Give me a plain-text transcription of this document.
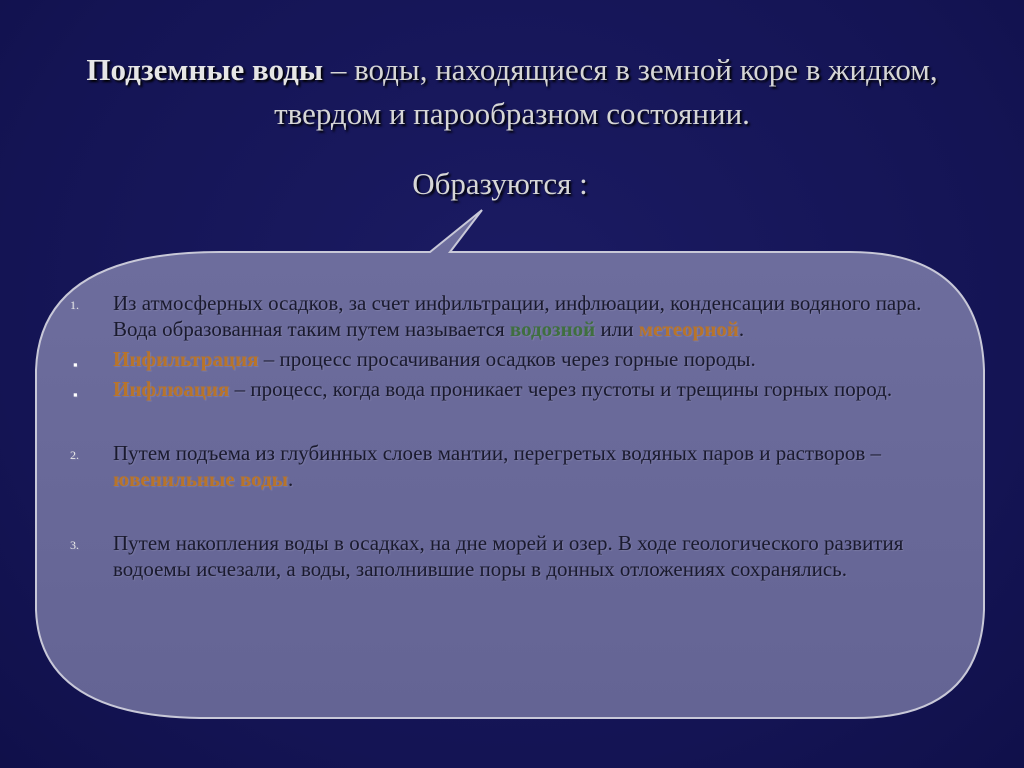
Подземные воды – воды, находящиеся в земной коре в жидком, твердом и парообразном состоянии.
Образуются :
1.	Из атмосферных осадков, за счет инфильтрации, инфлюации, конденсации водяного пара. Вода образованная таким путем называется водозной или метеорной.
▪	Инфильтрация – процесс просачивания осадков через горные породы.
▪	Инфлюация – процесс, когда вода проникает через пустоты и трещины горных пород.
2.	Путем подъема из глубинных слоев мантии, перегретых водяных паров и растворов – ювенильные воды.
3.	Путем накопления воды в осадках, на дне морей и озер. В ходе геологического развития водоемы исчезали, а воды, заполнившие поры в донных отложениях сохранялись.
